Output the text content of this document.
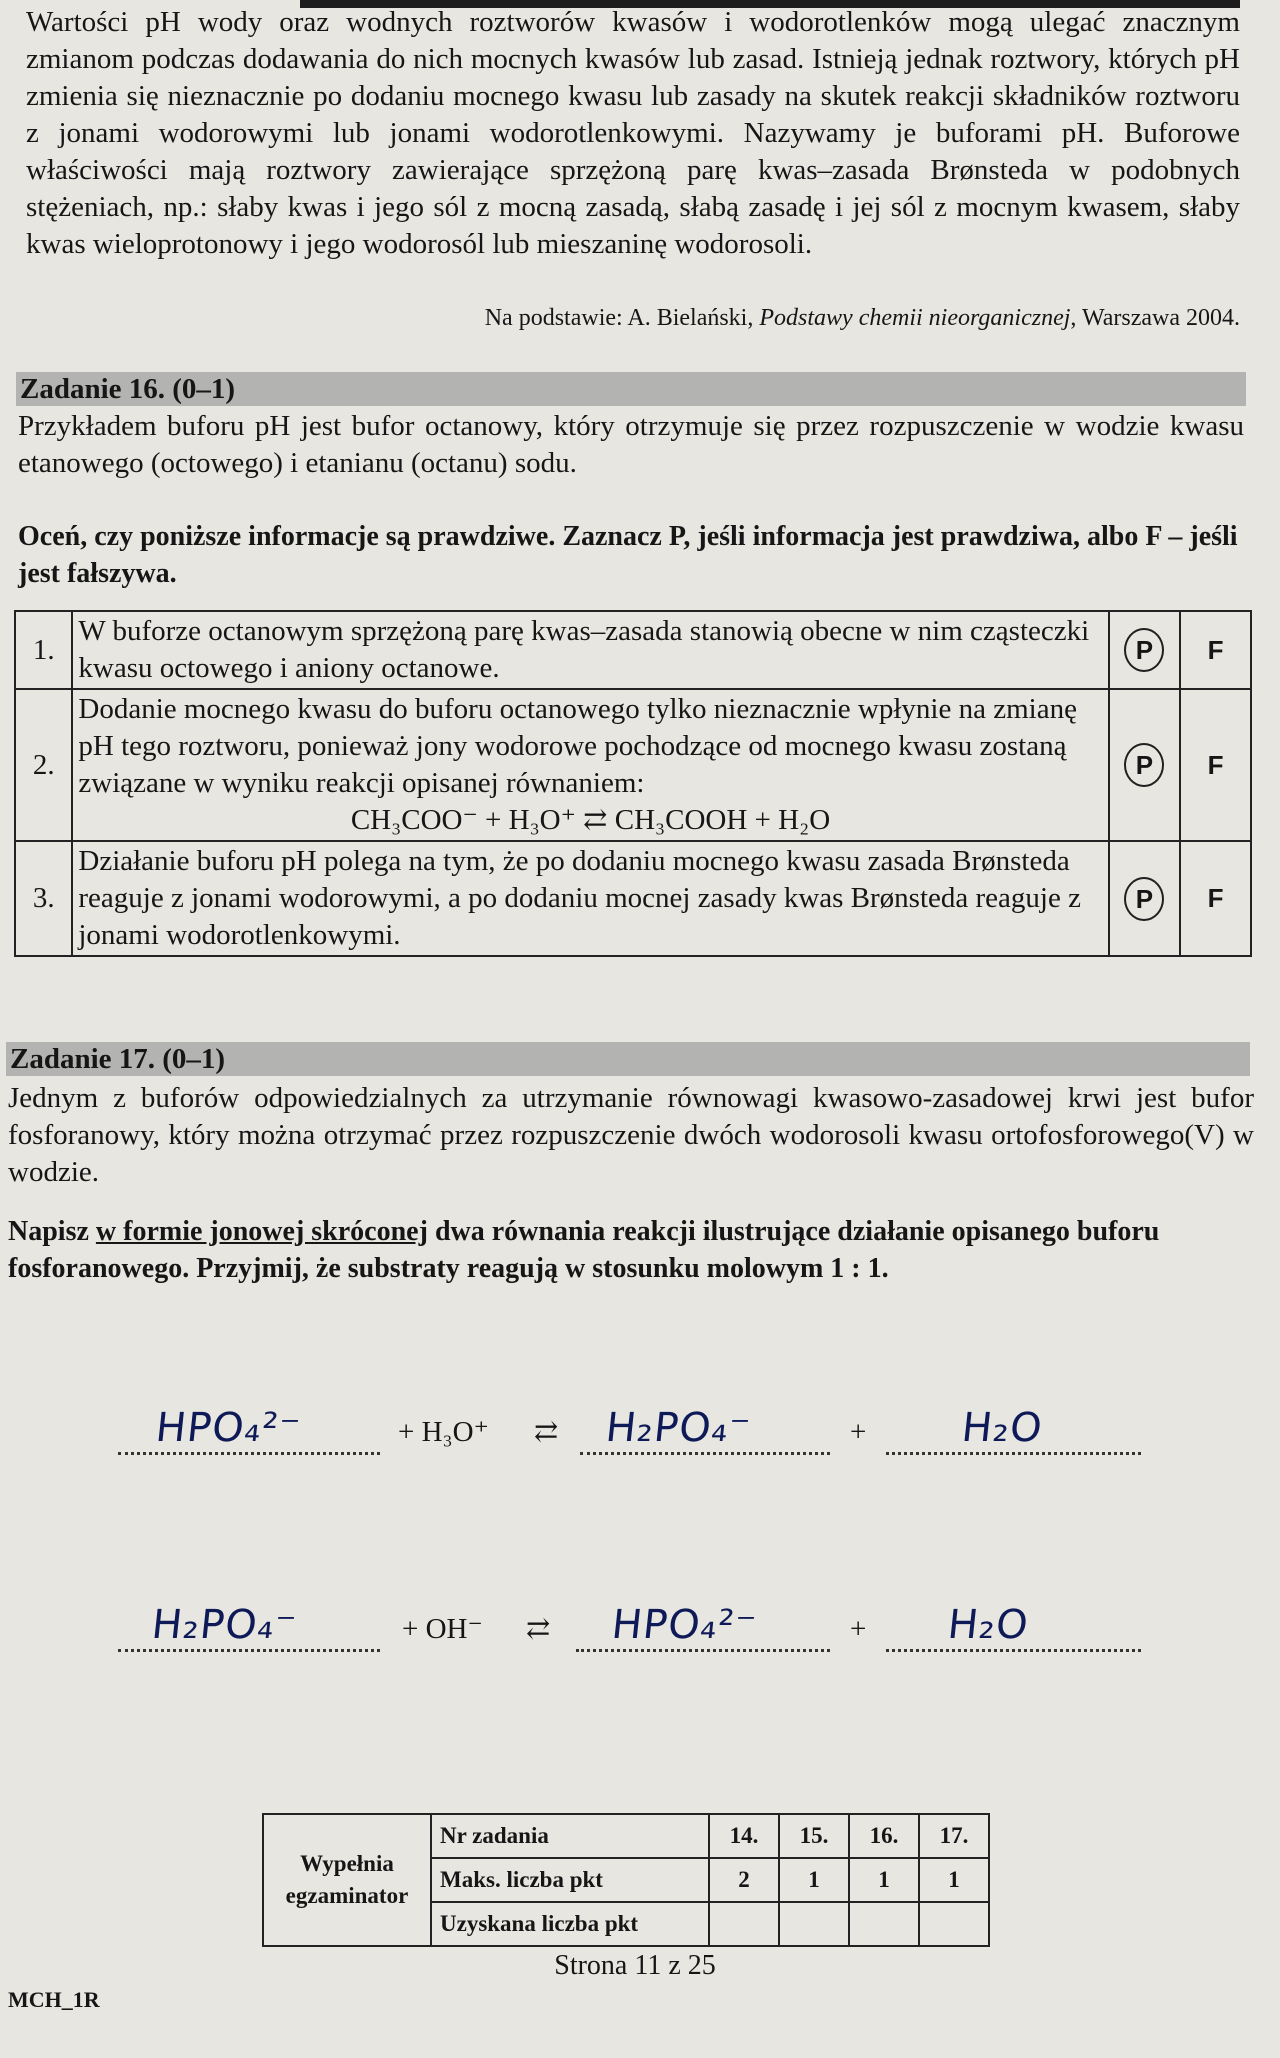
Wartości pH wody oraz wodnych roztworów kwasów i wodorotlenków mogą ulegać znacznym zmianom podczas dodawania do nich mocnych kwasów lub zasad. Istnieją jednak roztwory, których pH zmienia się nieznacznie po dodaniu mocnego kwasu lub zasady na skutek reakcji składników roztworu z jonami wodorowymi lub jonami wodorotlenkowymi. Nazywamy je buforami pH. Buforowe właściwości mają roztwory zawierające sprzężoną parę kwas–zasada Brønsteda w podobnych stężeniach, np.: słaby kwas i jego sól z mocną zasadą, słabą zasadę i jej sól z mocnym kwasem, słaby kwas wieloprotonowy i jego wodorosól lub mieszaninę wodorosoli.

Na podstawie: A. Bielański, Podstawy chemii nieorganicznej, Warszawa 2004.
Zadanie 16. (0–1)

Przykładem buforu pH jest bufor octanowy, który otrzymuje się przez rozpuszczenie w wodzie kwasu etanowego (octowego) i etanianu (octanu) sodu.

Oceń, czy poniższe informacje są prawdziwe. Zaznacz P, jeśli informacja jest prawdziwa, albo F – jeśli jest fałszywa.

1.	W buforze octanowym sprzężoną parę kwas–zasada stanowią obecne w nim cząsteczki kwasu octowego i aniony octanowe.	P	F
2.	Dodanie mocnego kwasu do buforu octanowego tylko nieznacznie wpłynie na zmianę pH tego roztworu, ponieważ jony wodorowe pochodzące od mocnego kwasu zostaną związane w wyniku reakcji opisanej równaniem:
CH₃COO⁻ + H₃O⁺ ⇄ CH₃COOH + H₂O	P	F
3.	Działanie buforu pH polega na tym, że po dodaniu mocnego kwasu zasada Brønsteda reaguje z jonami wodorowymi, a po dodaniu mocnej zasady kwas Brønsteda reaguje z jonami wodorotlenkowymi.	P	F
Zadanie 17. (0–1)

Jednym z buforów odpowiedzialnych za utrzymanie równowagi kwasowo-zasadowej krwi jest bufor fosforanowy, który można otrzymać przez rozpuszczenie dwóch wodorosoli kwasu ortofosforowego(V) w wodzie.

Napisz w formie jonowej skróconej dwa równania reakcji ilustrujące działanie opisanego buforu fosforanowego. Przyjmij, że substraty reagują w stosunku molowym 1 : 1.

HPO₄²⁻	+ H₃O⁺ ⇄ H₂PO₄⁻	+ H₂O
H₂PO₄⁻	+ OH⁻ ⇄ HPO₄²⁻	+ H₂O
Wypełnia egzaminator	Nr zadania	14.	15.	16.	17.
	Maks. liczba pkt	2	1	1	1
	Uzyskana liczba pkt				
Strona 11 z 25
MCH_1R
